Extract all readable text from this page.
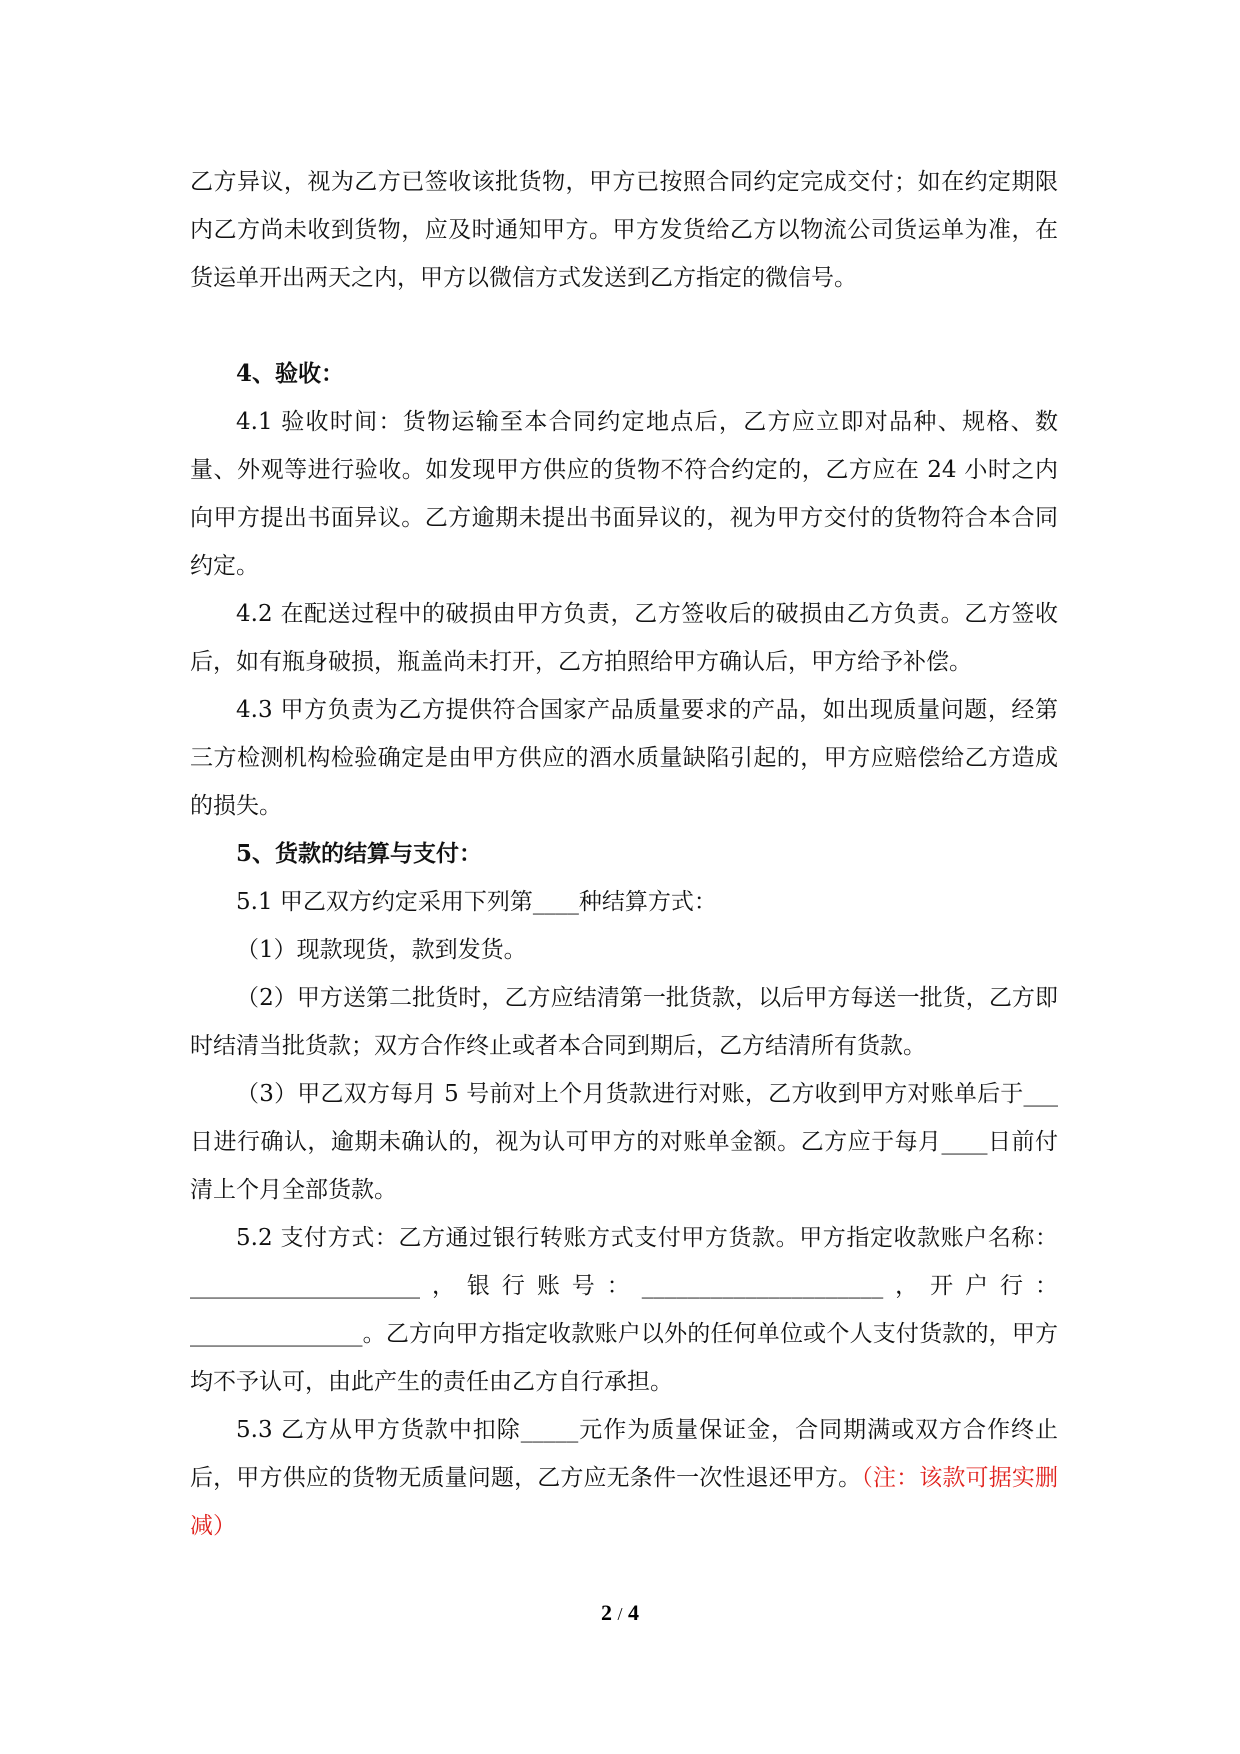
乙方异议，视为乙方已签收该批货物，甲方已按照合同约定完成交付；如在约定期限内乙方尚未收到货物，应及时通知甲方。甲方发货给乙方以物流公司货运单为准，在货运单开出两天之内，甲方以微信方式发送到乙方指定的微信号。

4、验收：

4.1 验收时间：货物运输至本合同约定地点后，乙方应立即对品种、规格、数量、外观等进行验收。如发现甲方供应的货物不符合约定的，乙方应在 24 小时之内向甲方提出书面异议。乙方逾期未提出书面异议的，视为甲方交付的货物符合本合同约定。

4.2 在配送过程中的破损由甲方负责，乙方签收后的破损由乙方负责。乙方签收后，如有瓶身破损，瓶盖尚未打开，乙方拍照给甲方确认后，甲方给予补偿。

4.3 甲方负责为乙方提供符合国家产品质量要求的产品，如出现质量问题，经第三方检测机构检验确定是由甲方供应的酒水质量缺陷引起的，甲方应赔偿给乙方造成的损失。

5、货款的结算与支付：

5.1 甲乙双方约定采用下列第____种结算方式：

（1）现款现货，款到发货。

（2）甲方送第二批货时，乙方应结清第一批货款，以后甲方每送一批货，乙方即时结清当批货款；双方合作终止或者本合同到期后，乙方结清所有货款。

（3）甲乙双方每月 5 号前对上个月货款进行对账，乙方收到甲方对账单后于___日进行确认，逾期未确认的，视为认可甲方的对账单金额。乙方应于每月____日前付清上个月全部货款。

5.2 支付方式：乙方通过银行转账方式支付甲方货款。甲方指定收款账户名称：____________________，银行账号：_____________________，开户行：_______________。乙方向甲方指定收款账户以外的任何单位或个人支付货款的，甲方均不予认可，由此产生的责任由乙方自行承担。

5.3 乙方从甲方货款中扣除_____元作为质量保证金，合同期满或双方合作终止后，甲方供应的货物无质量问题，乙方应无条件一次性退还甲方。（注：该款可据实删减）

2 / 4
